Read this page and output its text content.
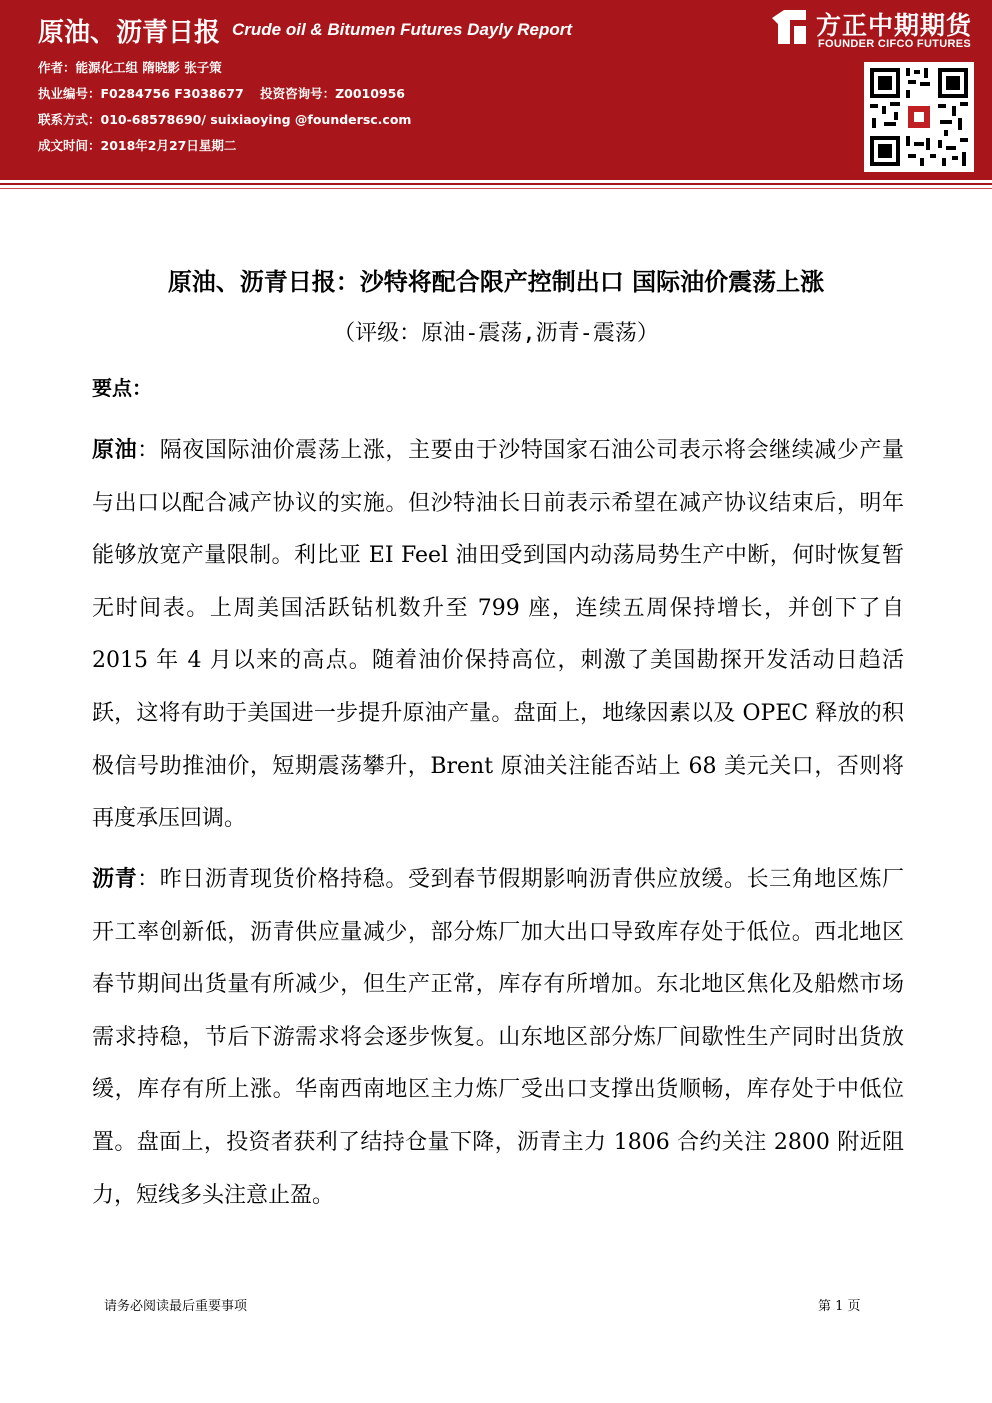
原油、沥青日报 Crude oil & Bitumen Futures Dayly Report	方正中期期货
FOUNDER CIFCO FUTURES
作者：能源化工组 隋晓影 张子策
执业编号：F0284756 F3038677 投资咨询号：Z0010956
联系方式：010-68578690/ suixiaoying @foundersc.com
成文时间：2018年2月27日星期二
原油、沥青日报：沙特将配合限产控制出口 国际油价震荡上涨
（评级：原油-震荡,沥青-震荡）
要点：
原油：隔夜国际油价震荡上涨，主要由于沙特国家石油公司表示将会继续减少产量与出口以配合减产协议的实施。但沙特油长日前表示希望在减产协议结束后，明年能够放宽产量限制。利比亚 EI Feel 油田受到国内动荡局势生产中断，何时恢复暂无时间表。上周美国活跃钻机数升至 799 座，连续五周保持增长，并创下了自 2015 年 4 月以来的高点。随着油价保持高位，刺激了美国勘探开发活动日趋活跃，这将有助于美国进一步提升原油产量。盘面上，地缘因素以及 OPEC 释放的积极信号助推油价，短期震荡攀升，Brent 原油关注能否站上 68 美元关口，否则将再度承压回调。
沥青：昨日沥青现货价格持稳。受到春节假期影响沥青供应放缓。长三角地区炼厂开工率创新低，沥青供应量减少，部分炼厂加大出口导致库存处于低位。西北地区春节期间出货量有所减少，但生产正常，库存有所增加。东北地区焦化及船燃市场需求持稳，节后下游需求将会逐步恢复。山东地区部分炼厂间歇性生产同时出货放缓，库存有所上涨。华南西南地区主力炼厂受出口支撑出货顺畅，库存处于中低位置。盘面上，投资者获利了结持仓量下降，沥青主力 1806 合约关注 2800 附近阻力，短线多头注意止盈。
请务必阅读最后重要事项	第 1 页
